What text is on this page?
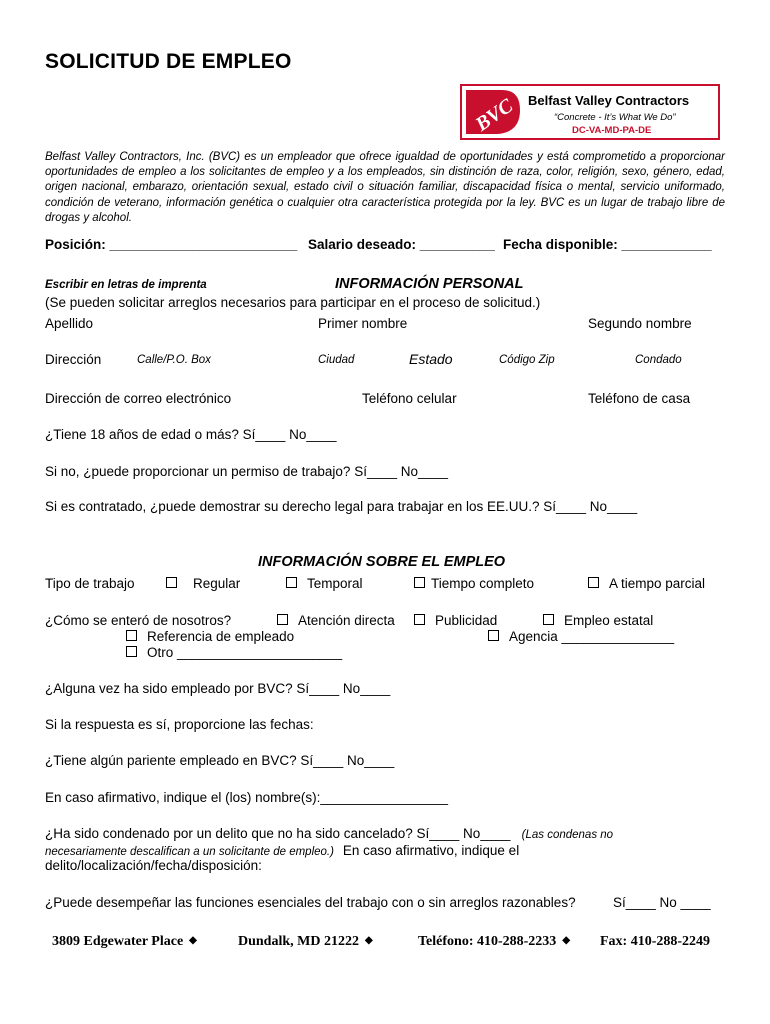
SOLICITUD DE EMPLEO
BVC Belfast Valley Contractors
“Concrete - It’s What We Do”
DC-VA-MD-PA-DE
Belfast Valley Contractors, Inc. (BVC) es un empleador que ofrece igualdad de oportunidades y está comprometido a proporcionar oportunidades de empleo a los solicitantes de empleo y a los empleados, sin distinción de raza, color, religión, sexo, género, edad, origen nacional, embarazo, orientación sexual, estado civil o situación familiar, discapacidad física o mental, servicio uniformado, condición de veterano, información genética o cualquier otra característica protegida por la ley. BVC es un lugar de trabajo libre de drogas y alcohol.
Posición: _________________________ Salario deseado: __________ Fecha disponible: ____________
Escribir en letras de imprenta	INFORMACIÓN PERSONAL
(Se pueden solicitar arreglos necesarios para participar en el proceso de solicitud.)
Apellido	Primer nombre	Segundo nombre
Dirección	Calle/P.O. Box	Ciudad	Estado	Código Zip	Condado
Dirección de correo electrónico	Teléfono celular	Teléfono de casa
¿Tiene 18 años de edad o más? Sí____ No____
Si no, ¿puede proporcionar un permiso de trabajo? Sí____ No____
Si es contratado, ¿puede demostrar su derecho legal para trabajar en los EE.UU.? Sí____ No____
INFORMACIÓN SOBRE EL EMPLEO
Tipo de trabajo	Regular	Temporal	Tiempo completo	A tiempo parcial
¿Cómo se enteró de nosotros?	Atención directa	Publicidad	Empleo estatal
Referencia de empleado	Agencia _______________
Otro ______________________
¿Alguna vez ha sido empleado por BVC? Sí____ No____
Si la respuesta es sí, proporcione las fechas:
¿Tiene algún pariente empleado en BVC? Sí____ No____
En caso afirmativo, indique el (los) nombre(s):_________________
¿Ha sido condenado por un delito que no ha sido cancelado? Sí____ No____ (Las condenas no
necesariamente descalifican a un solicitante de empleo.) En caso afirmativo, indique el
delito/localización/fecha/disposición:
¿Puede desempeñar las funciones esenciales del trabajo con o sin arreglos razonables?	Sí____ No ____
3809 Edgewater Place ◆	Dundalk, MD 21222 ◆	Teléfono: 410-288-2233 ◆ Fax: 410-288-2249
